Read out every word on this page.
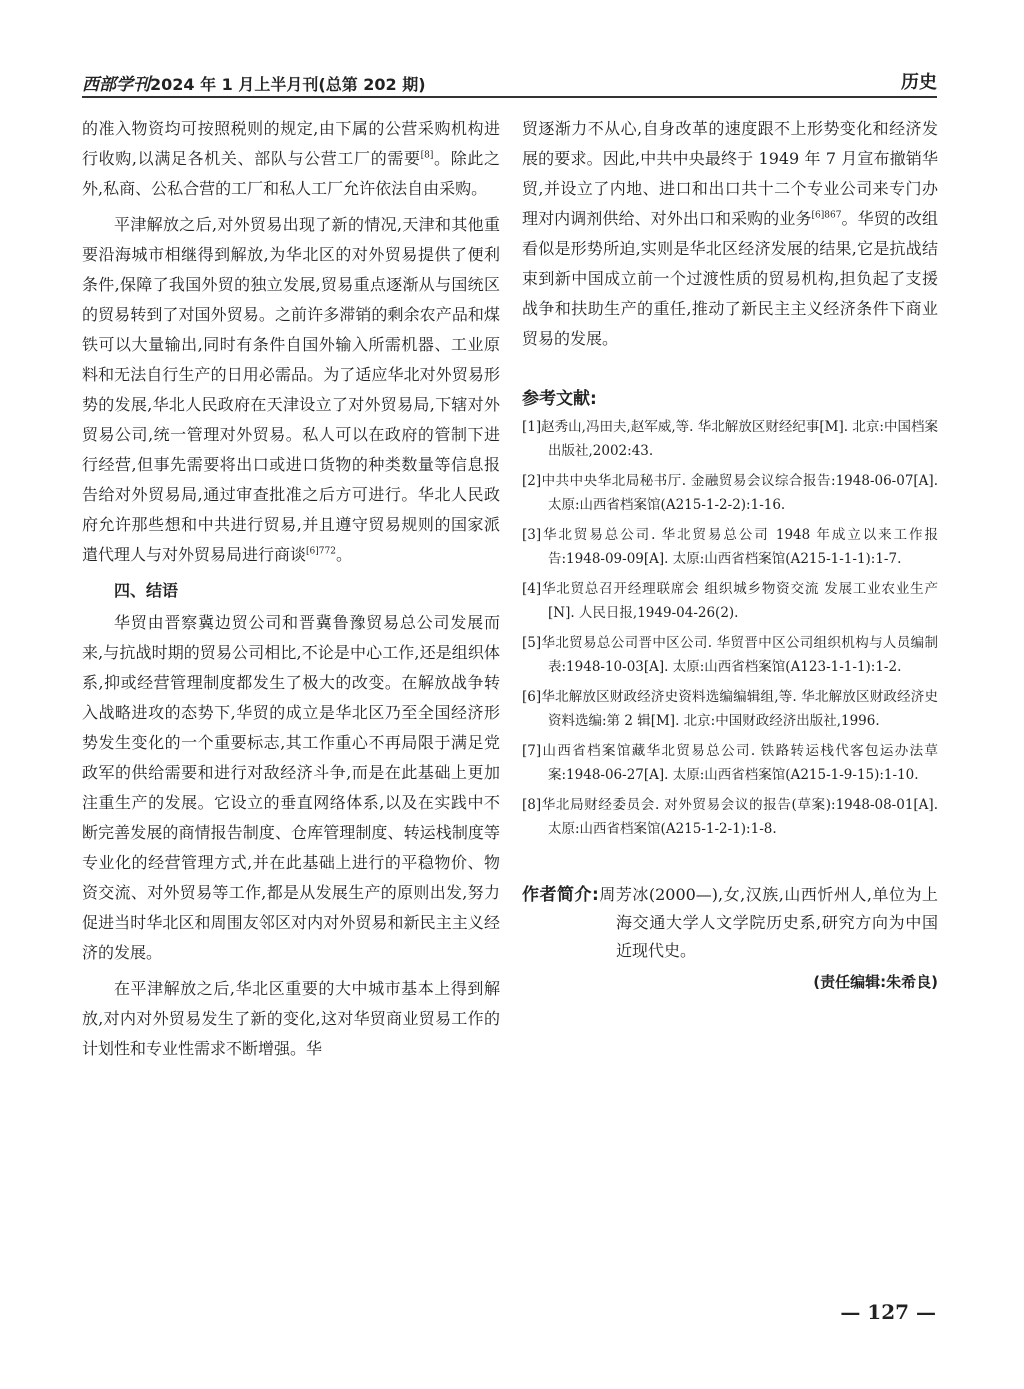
西部学刊2024 年 1 月上半月刊(总第 202 期)	历史

的准入物资均可按照税则的规定,由下属的公营采购机构进行收购,以满足各机关、部队与公营工厂的需要[8]。除此之外,私商、公私合营的工厂和私人工厂允许依法自由采购。

平津解放之后,对外贸易出现了新的情况,天津和其他重要沿海城市相继得到解放,为华北区的对外贸易提供了便利条件,保障了我国外贸的独立发展,贸易重点逐渐从与国统区的贸易转到了对国外贸易。之前许多滞销的剩余农产品和煤铁可以大量输出,同时有条件自国外输入所需机器、工业原料和无法自行生产的日用必需品。为了适应华北对外贸易形势的发展,华北人民政府在天津设立了对外贸易局,下辖对外贸易公司,统一管理对外贸易。私人可以在政府的管制下进行经营,但事先需要将出口或进口货物的种类数量等信息报告给对外贸易局,通过审查批准之后方可进行。华北人民政府允许那些想和中共进行贸易,并且遵守贸易规则的国家派遣代理人与对外贸易局进行商谈$^{[6]772}$。

四、结语

华贸由晋察冀边贸公司和晋冀鲁豫贸易总公司发展而来,与抗战时期的贸易公司相比,不论是中心工作,还是组织体系,抑或经营管理制度都发生了极大的改变。在解放战争转入战略进攻的态势下,华贸的成立是华北区乃至全国经济形势发生变化的一个重要标志,其工作重心不再局限于满足党政军的供给需要和进行对敌经济斗争,而是在此基础上更加注重生产的发展。它设立的垂直网络体系,以及在实践中不断完善发展的商情报告制度、仓库管理制度、转运栈制度等专业化的经营管理方式,并在此基础上进行的平稳物价、物资交流、对外贸易等工作,都是从发展生产的原则出发,努力促进当时华北区和周围友邻区对内对外贸易和新民主主义经济的发展。

在平津解放之后,华北区重要的大中城市基本上得到解放,对内对外贸易发生了新的变化,这对华贸商业贸易工作的计划性和专业性需求不断增强。华

贸逐渐力不从心,自身改革的速度跟不上形势变化和经济发展的要求。因此,中共中央最终于 1949 年 7 月宣布撤销华贸,并设立了内地、进口和出口共十二个专业公司来专门办理对内调剂供给、对外出口和采购的业务$^{[6]867}$。华贸的改组看似是形势所迫,实则是华北区经济发展的结果,它是抗战结束到新中国成立前一个过渡性质的贸易机构,担负起了支援战争和扶助生产的重任,推动了新民主主义经济条件下商业贸易的发展。

参考文献:
[1]赵秀山,冯田夫,赵军威,等. 华北解放区财经纪事[M]. 北京:中国档案出版社,2002:43.
[2]中共中央华北局秘书厅. 金融贸易会议综合报告:1948-06-07[A]. 太原:山西省档案馆(A215-1-2-2):1-16.
[3]华北贸易总公司. 华北贸易总公司 1948 年成立以来工作报告:1948-09-09[A]. 太原:山西省档案馆(A215-1-1-1):1-7.
[4]华北贸总召开经理联席会 组织城乡物资交流 发展工业农业生产[N]. 人民日报,1949-04-26(2).
[5]华北贸易总公司晋中区公司. 华贸晋中区公司组织机构与人员编制表:1948-10-03[A]. 太原:山西省档案馆(A123-1-1-1):1-2.
[6]华北解放区财政经济史资料选编编辑组,等. 华北解放区财政经济史资料选编:第 2 辑[M]. 北京:中国财政经济出版社,1996.
[7]山西省档案馆藏华北贸易总公司. 铁路转运栈代客包运办法草案:1948-06-27[A]. 太原:山西省档案馆(A215-1-9-15):1-10.
[8]华北局财经委员会. 对外贸易会议的报告(草案):1948-08-01[A]. 太原:山西省档案馆(A215-1-2-1):1-8.
作者简介:周芳冰(2000—),女,汉族,山西忻州人,单位为上海交通大学人文学院历史系,研究方向为中国近现代史。
(责任编辑:朱希良)
— 127 —
